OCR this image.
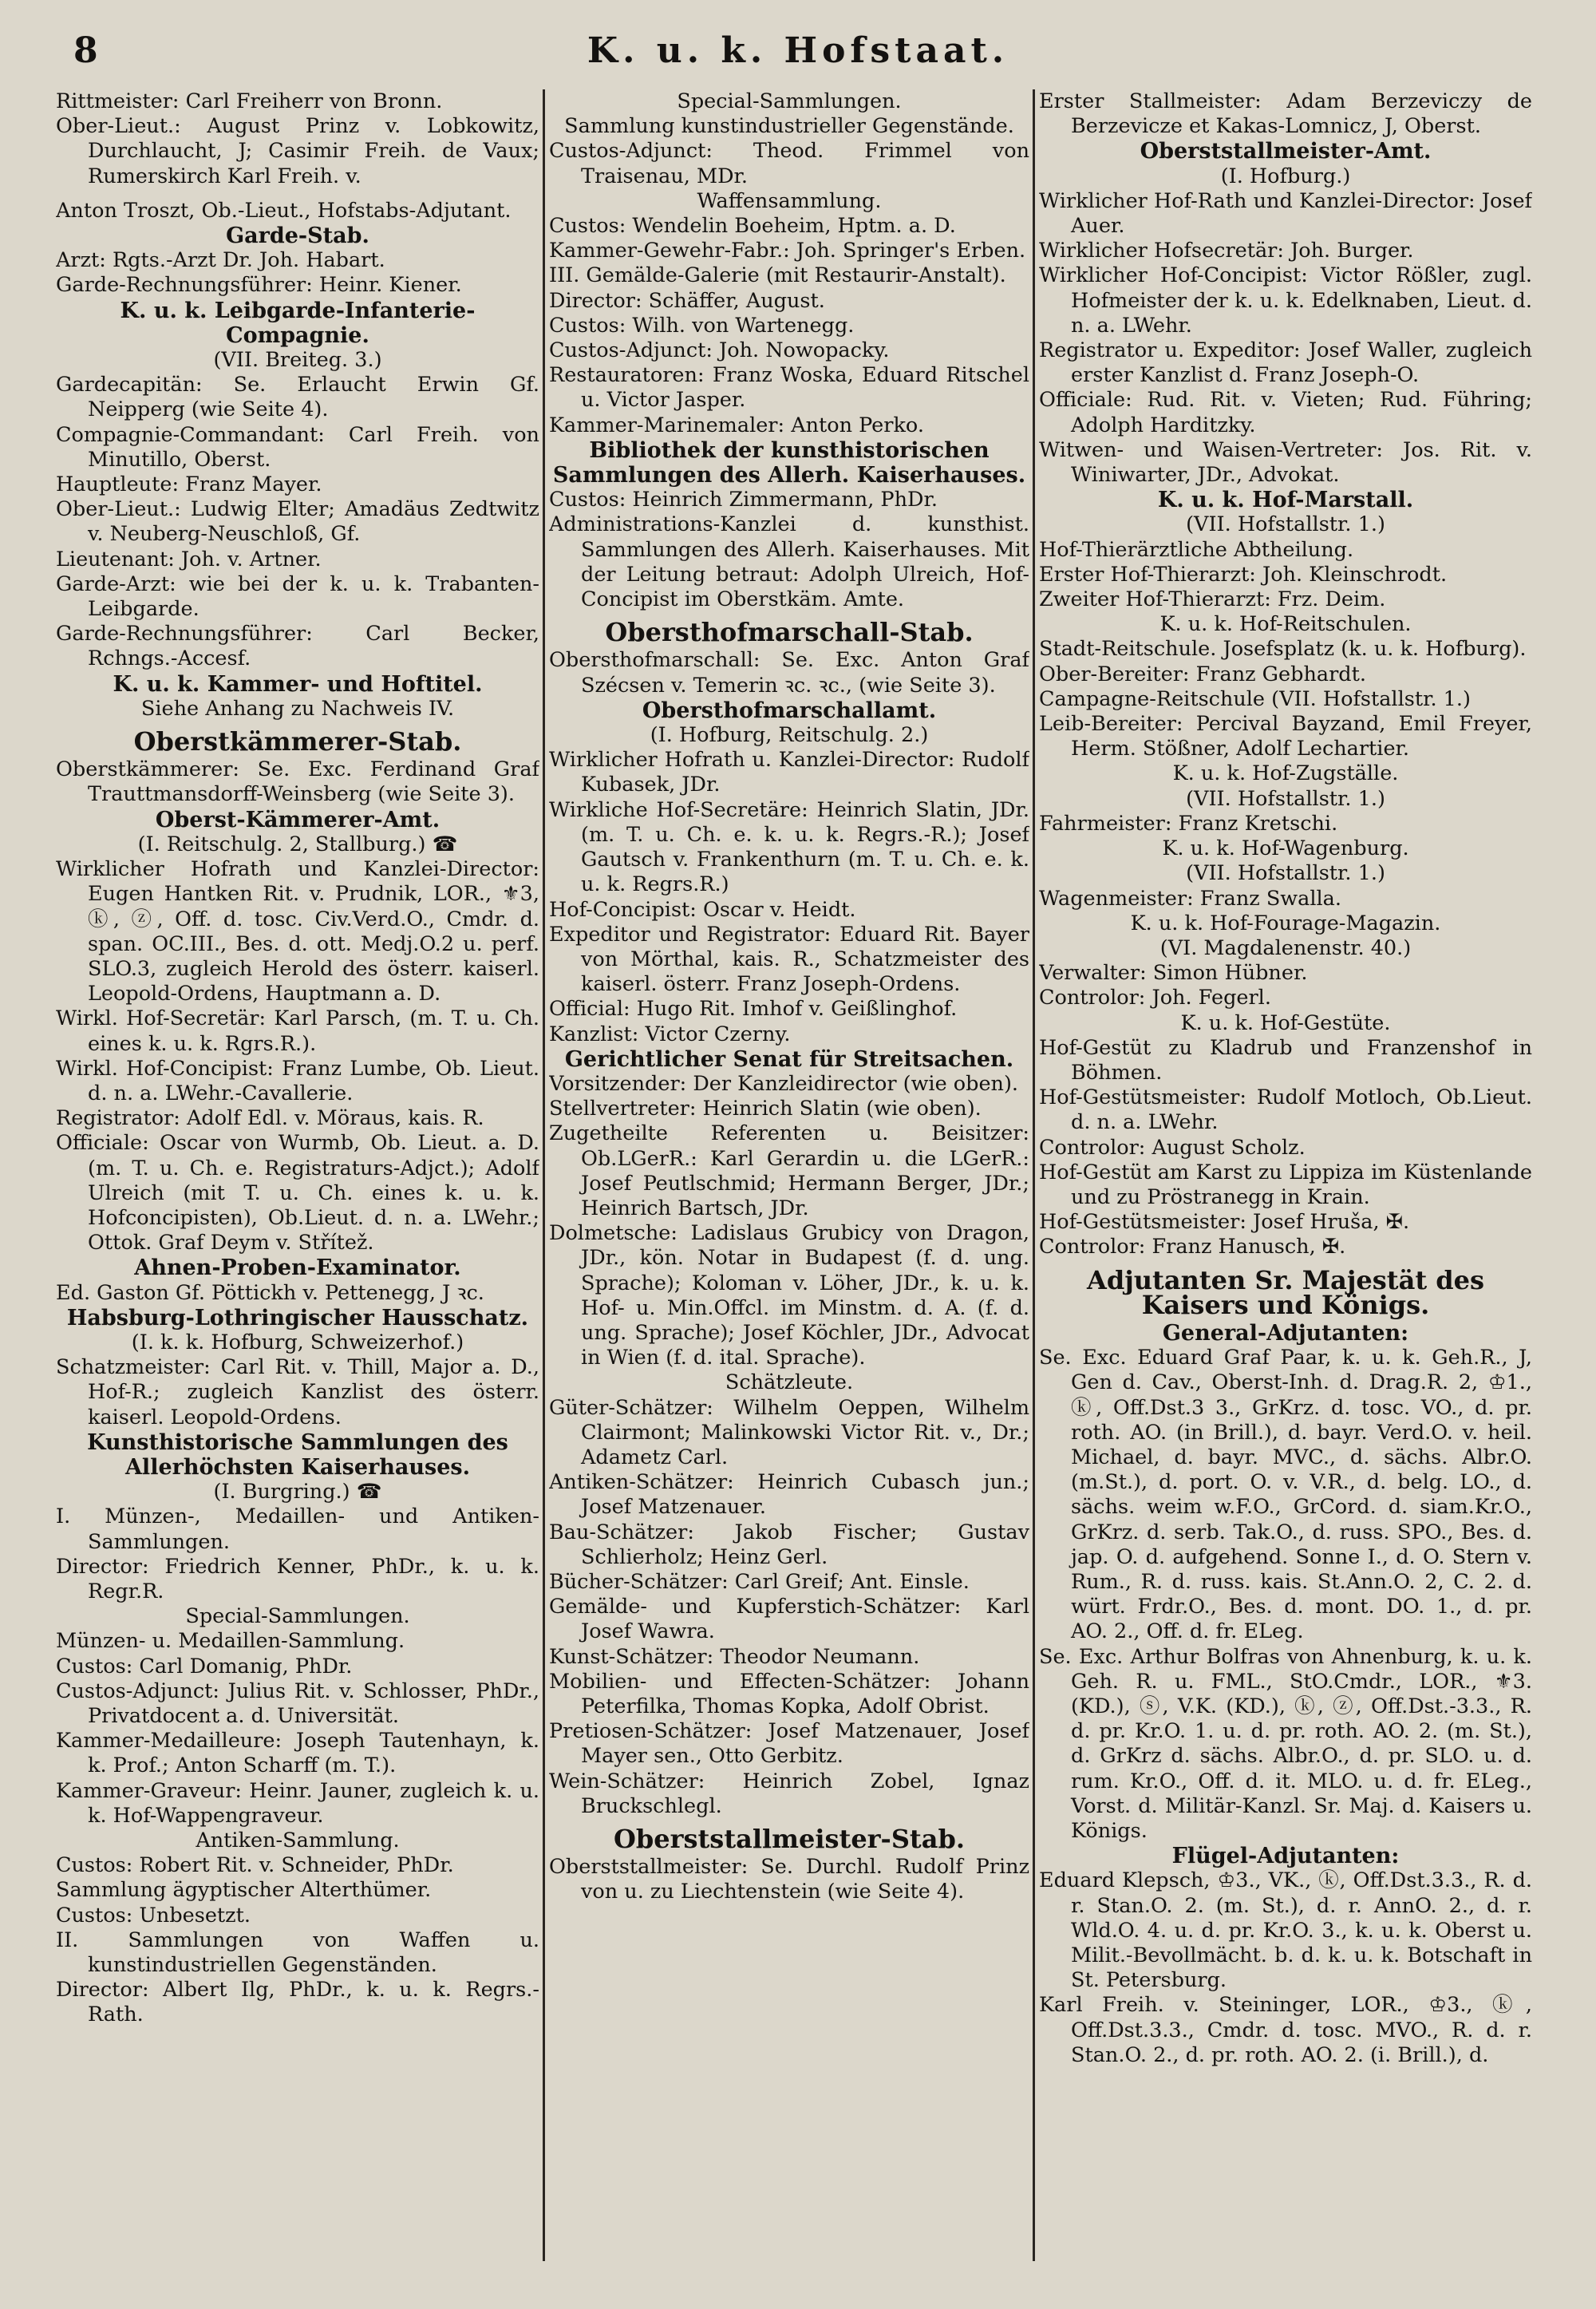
8	K. u. k. Hofstaat.

Rittmeister: Carl Freiherr von Bronn.

Ober-Lieut.: August Prinz v. Lobkowitz, Durchlaucht, J; Casimir Freih. de Vaux; Rumerskirch Karl Freih. v.

Anton Troszt, Ob.-Lieut., Hofstabs-Adjutant.

Garde-Stab.

Arzt: Rgts.-Arzt Dr. Joh. Habart.

Garde-Rechnungsführer: Heinr. Kiener.

K. u. k. Leibgarde-Infanterie-Compagnie.

(VII. Breiteg. 3.)

Gardecapitän: Se. Erlaucht Erwin Gf. Neipperg (wie Seite 4).

Compagnie-Commandant: Carl Freih. von Minutillo, Oberst.

Hauptleute: Franz Mayer.

Ober-Lieut.: Ludwig Elter; Amadäus Zedtwitz v. Neuberg-Neuschloß, Gf.

Lieutenant: Joh. v. Artner.

Garde-Arzt: wie bei der k. u. k. Trabanten-Leibgarde.

Garde-Rechnungsführer: Carl Becker, Rchngs.-Accesf.

K. u. k. Kammer- und Hoftitel.

Siehe Anhang zu Nachweis IV.

Oberstkämmerer-Stab.

Oberstkämmerer: Se. Exc. Ferdinand Graf Trauttmansdorff-Weinsberg (wie Seite 3).

Oberst-Kämmerer-Amt.

(I. Reitschulg. 2, Stallburg.) ☎

Wirklicher Hofrath und Kanzlei-Director: Eugen Hantken Rit. v. Prudnik, LOR., ⚜3, ⓚ, ⓩ, Off. d. tosc. Civ.Verd.O., Cmdr. d. span. OC.III., Bes. d. ott. Medj.O.2 u. perf. SLO.3, zugleich Herold des österr. kaiserl. Leopold-Ordens, Hauptmann a. D.

Wirkl. Hof-Secretär: Karl Parsch, (m. T. u. Ch. eines k. u. k. Rgrs.R.).

Wirkl. Hof-Concipist: Franz Lumbe, Ob. Lieut. d. n. a. LWehr.-Cavallerie.

Registrator: Adolf Edl. v. Möraus, kais. R.

Officiale: Oscar von Wurmb, Ob. Lieut. a. D. (m. T. u. Ch. e. Registraturs-Adjct.); Adolf Ulreich (mit T. u. Ch. eines k. u. k. Hofconcipisten), Ob.Lieut. d. n. a. LWehr.; Ottok. Graf Deym v. Střítež.

Ahnen-Proben-Examinator.

Ed. Gaston Gf. Pöttickh v. Pettenegg, J ꝛc.

Habsburg-Lothringischer Hausschatz.

(I. k. k. Hofburg, Schweizerhof.)

Schatzmeister: Carl Rit. v. Thill, Major a. D., Hof-R.; zugleich Kanzlist des österr. kaiserl. Leopold-Ordens.

Kunsthistorische Sammlungen des Allerhöchsten Kaiserhauses.

(I. Burgring.) ☎

I. Münzen-, Medaillen- und Antiken-Sammlungen.

Director: Friedrich Kenner, PhDr., k. u. k. Regr.R.

Special-Sammlungen.

Münzen- u. Medaillen-Sammlung.

Custos: Carl Domanig, PhDr.

Custos-Adjunct: Julius Rit. v. Schlosser, PhDr., Privatdocent a. d. Universität.

Kammer-Medailleure: Joseph Tautenhayn, k. k. Prof.; Anton Scharff (m. T.).

Kammer-Graveur: Heinr. Jauner, zugleich k. u. k. Hof-Wappengraveur.

Antiken-Sammlung.

Custos: Robert Rit. v. Schneider, PhDr.

Sammlung ägyptischer Alterthümer.

Custos: Unbesetzt.

II. Sammlungen von Waffen u. kunstindustriellen Gegenständen.

Director: Albert Ilg, PhDr., k. u. k. Regrs.-Rath.

Special-Sammlungen.

Sammlung kunstindustrieller Gegenstände.

Custos-Adjunct: Theod. Frimmel von Traisenau, MDr.

Waffensammlung.

Custos: Wendelin Boeheim, Hptm. a. D.

Kammer-Gewehr-Fabr.: Joh. Springer's Erben.

III. Gemälde-Galerie (mit Restaurir-Anstalt).

Director: Schäffer, August.

Custos: Wilh. von Wartenegg.

Custos-Adjunct: Joh. Nowopacky.

Restauratoren: Franz Woska, Eduard Ritschel u. Victor Jasper.

Kammer-Marinemaler: Anton Perko.

Bibliothek der kunsthistorischen Sammlungen des Allerh. Kaiserhauses.

Custos: Heinrich Zimmermann, PhDr.

Administrations-Kanzlei d. kunsthist. Sammlungen des Allerh. Kaiserhauses. Mit der Leitung betraut: Adolph Ulreich, Hof-Concipist im Oberstkäm. Amte.

Obersthofmarschall-Stab.

Obersthofmarschall: Se. Exc. Anton Graf Szécsen v. Temerin ꝛc. ꝛc., (wie Seite 3).

Obersthofmarschallamt.

(I. Hofburg, Reitschulg. 2.)

Wirklicher Hofrath u. Kanzlei-Director: Rudolf Kubasek, JDr.

Wirkliche Hof-Secretäre: Heinrich Slatin, JDr. (m. T. u. Ch. e. k. u. k. Regrs.-R.); Josef Gautsch v. Frankenthurn (m. T. u. Ch. e. k. u. k. Regrs.R.)

Hof-Concipist: Oscar v. Heidt.

Expeditor und Registrator: Eduard Rit. Bayer von Mörthal, kais. R., Schatzmeister des kaiserl. österr. Franz Joseph-Ordens.

Official: Hugo Rit. Imhof v. Geißlinghof.

Kanzlist: Victor Czerny.

Gerichtlicher Senat für Streitsachen.

Vorsitzender: Der Kanzleidirector (wie oben).

Stellvertreter: Heinrich Slatin (wie oben).

Zugetheilte Referenten u. Beisitzer: Ob.LGerR.: Karl Gerardin u. die LGerR.: Josef Peutlschmid; Hermann Berger, JDr.; Heinrich Bartsch, JDr.

Dolmetsche: Ladislaus Grubicy von Dragon, JDr., kön. Notar in Budapest (f. d. ung. Sprache); Koloman v. Löher, JDr., k. u. k. Hof- u. Min.Offcl. im Minstm. d. A. (f. d. ung. Sprache); Josef Köchler, JDr., Advocat in Wien (f. d. ital. Sprache).

Schätzleute.

Güter-Schätzer: Wilhelm Oeppen, Wilhelm Clairmont; Malinkowski Victor Rit. v., Dr.; Adametz Carl.

Antiken-Schätzer: Heinrich Cubasch jun.; Josef Matzenauer.

Bau-Schätzer: Jakob Fischer; Gustav Schlierholz; Heinz Gerl.

Bücher-Schätzer: Carl Greif; Ant. Einsle.

Gemälde- und Kupferstich-Schätzer: Karl Josef Wawra.

Kunst-Schätzer: Theodor Neumann.

Mobilien- und Effecten-Schätzer: Johann Peterfilka, Thomas Kopka, Adolf Obrist.

Pretiosen-Schätzer: Josef Matzenauer, Josef Mayer sen., Otto Gerbitz.

Wein-Schätzer: Heinrich Zobel, Ignaz Bruckschlegl.

Oberststallmeister-Stab.

Oberststallmeister: Se. Durchl. Rudolf Prinz von u. zu Liechtenstein (wie Seite 4).

Erster Stallmeister: Adam Berzeviczy de Berzevicze et Kakas-Lomnicz, J, Oberst.

Oberststallmeister-Amt.

(I. Hofburg.)

Wirklicher Hof-Rath und Kanzlei-Director: Josef Auer.

Wirklicher Hofsecretär: Joh. Burger.

Wirklicher Hof-Concipist: Victor Rößler, zugl. Hofmeister der k. u. k. Edelknaben, Lieut. d. n. a. LWehr.

Registrator u. Expeditor: Josef Waller, zugleich erster Kanzlist d. Franz Joseph-O.

Officiale: Rud. Rit. v. Vieten; Rud. Führing; Adolph Harditzky.

Witwen- und Waisen-Vertreter: Jos. Rit. v. Winiwarter, JDr., Advokat.

K. u. k. Hof-Marstall.

(VII. Hofstallstr. 1.)

Hof-Thierärztliche Abtheilung.

Erster Hof-Thierarzt: Joh. Kleinschrodt.

Zweiter Hof-Thierarzt: Frz. Deim.

K. u. k. Hof-Reitschulen.

Stadt-Reitschule. Josefsplatz (k. u. k. Hofburg).

Ober-Bereiter: Franz Gebhardt.

Campagne-Reitschule (VII. Hofstallstr. 1.)

Leib-Bereiter: Percival Bayzand, Emil Freyer, Herm. Stößner, Adolf Lechartier.

K. u. k. Hof-Zugställe.

(VII. Hofstallstr. 1.)

Fahrmeister: Franz Kretschi.

K. u. k. Hof-Wagenburg.

(VII. Hofstallstr. 1.)

Wagenmeister: Franz Swalla.

K. u. k. Hof-Fourage-Magazin.

(VI. Magdalenenstr. 40.)

Verwalter: Simon Hübner.

Controlor: Joh. Fegerl.

K. u. k. Hof-Gestüte.

Hof-Gestüt zu Kladrub und Franzenshof in Böhmen.

Hof-Gestütsmeister: Rudolf Motloch, Ob.Lieut. d. n. a. LWehr.

Controlor: August Scholz.

Hof-Gestüt am Karst zu Lippiza im Küstenlande und zu Pröstranegg in Krain.

Hof-Gestütsmeister: Josef Hruša, ✠.

Controlor: Franz Hanusch, ✠.

Adjutanten Sr. Majestät des Kaisers und Königs.

General-Adjutanten:

Se. Exc. Eduard Graf Paar, k. u. k. Geh.R., J, Gen d. Cav., Oberst-Inh. d. Drag.R. 2, ♔1., ⓚ, Off.Dst.3 3., GrKrz. d. tosc. VO., d. pr. roth. AO. (in Brill.), d. bayr. Verd.O. v. heil. Michael, d. bayr. MVC., d. sächs. Albr.O. (m.St.), d. port. O. v. V.R., d. belg. LO., d. sächs. weim w.F.O., GrCord. d. siam.Kr.O., GrKrz. d. serb. Tak.O., d. russ. SPO., Bes. d. jap. O. d. aufgehend. Sonne I., d. O. Stern v. Rum., R. d. russ. kais. St.Ann.O. 2, C. 2. d. würt. Frdr.O., Bes. d. mont. DO. 1., d. pr. AO. 2., Off. d. fr. ELeg.

Se. Exc. Arthur Bolfras von Ahnenburg, k. u. k. Geh. R. u. FML., StO.Cmdr., LOR., ⚜3. (KD.), ⓢ, V.K. (KD.), ⓚ, ⓩ, Off.Dst.-3.3., R. d. pr. Kr.O. 1. u. d. pr. roth. AO. 2. (m. St.), d. GrKrz d. sächs. Albr.O., d. pr. SLO. u. d. rum. Kr.O., Off. d. it. MLO. u. d. fr. ELeg., Vorst. d. Militär-Kanzl. Sr. Maj. d. Kaisers u. Königs.

Flügel-Adjutanten:

Eduard Klepsch, ♔3., VK., ⓚ, Off.Dst.3.3., R. d. r. Stan.O. 2. (m. St.), d. r. AnnO. 2., d. r. Wld.O. 4. u. d. pr. Kr.O. 3., k. u. k. Oberst u. Milit.-Bevollmächt. b. d. k. u. k. Botschaft in St. Petersburg.

Karl Freih. v. Steininger, LOR., ♔3., ⓚ, Off.Dst.3.3., Cmdr. d. tosc. MVO., R. d. r. Stan.O. 2., d. pr. roth. AO. 2. (i. Brill.), d.
